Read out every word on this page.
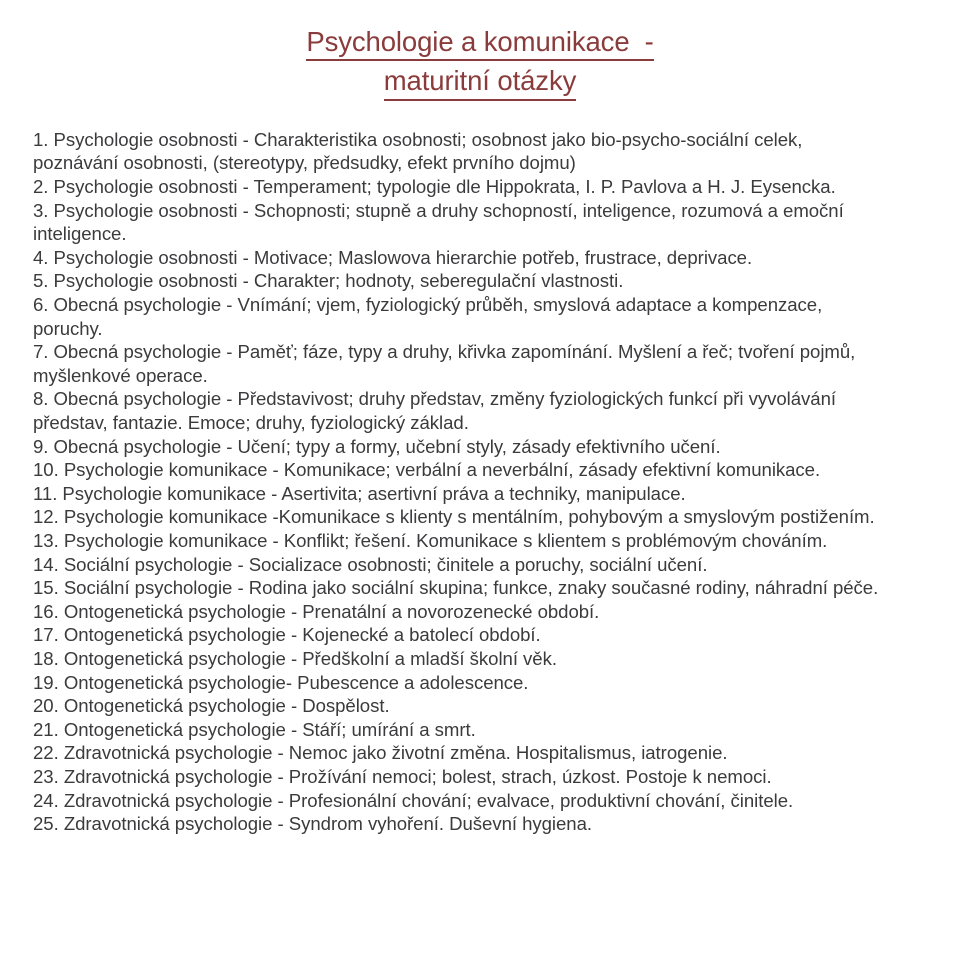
Psychologie a komunikace  -
maturitní otázky

1. Psychologie osobnosti - Charakteristika osobnosti; osobnost jako bio-psycho-sociální celek, poznávání osobnosti, (stereotypy, předsudky, efekt prvního dojmu)

2. Psychologie osobnosti - Temperament; typologie dle Hippokrata, I. P. Pavlova a H. J. Eysencka.

3. Psychologie osobnosti - Schopnosti; stupně a druhy schopností, inteligence, rozumová a emoční inteligence.

4. Psychologie osobnosti - Motivace; Maslowova hierarchie potřeb, frustrace, deprivace.

5. Psychologie osobnosti - Charakter; hodnoty, seberegulační vlastnosti.

6. Obecná psychologie - Vnímání; vjem, fyziologický průběh, smyslová adaptace a kompenzace, poruchy.

7. Obecná psychologie - Paměť; fáze, typy a druhy, křivka zapomínání. Myšlení a řeč; tvoření pojmů, myšlenkové operace.

8. Obecná psychologie - Představivost; druhy představ, změny fyziologických funkcí při vyvolávání představ, fantazie. Emoce; druhy, fyziologický základ.

9. Obecná psychologie - Učení; typy a formy, učební styly, zásady efektivního učení.

10. Psychologie komunikace - Komunikace; verbální a neverbální, zásady efektivní komunikace.

11. Psychologie komunikace - Asertivita; asertivní práva a techniky, manipulace.

12. Psychologie komunikace -Komunikace s klienty s mentálním, pohybovým a smyslovým postižením.

13. Psychologie komunikace - Konflikt; řešení. Komunikace s klientem s problémovým chováním.

14. Sociální psychologie - Socializace osobnosti; činitele a poruchy, sociální učení.

15. Sociální psychologie - Rodina jako sociální skupina; funkce, znaky současné rodiny, náhradní péče.

16. Ontogenetická psychologie - Prenatální a novorozenecké období.

17. Ontogenetická psychologie - Kojenecké a batolecí období.

18. Ontogenetická psychologie - Předškolní a mladší školní věk.

19. Ontogenetická psychologie- Pubescence a adolescence.

20. Ontogenetická psychologie - Dospělost.

21. Ontogenetická psychologie - Stáří; umírání a smrt.

22. Zdravotnická psychologie - Nemoc jako životní změna. Hospitalismus, iatrogenie.

23. Zdravotnická psychologie - Prožívání nemoci; bolest, strach, úzkost. Postoje k nemoci.

24. Zdravotnická psychologie - Profesionální chování; evalvace, produktivní chování, činitele.

25. Zdravotnická psychologie - Syndrom vyhoření. Duševní hygiena.
